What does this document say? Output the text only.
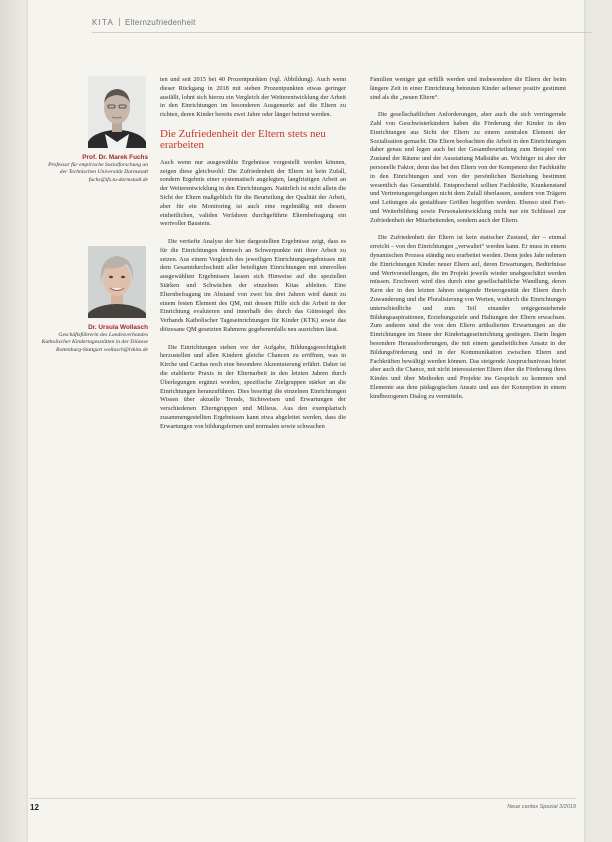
KITA Elternzufriedenheit

Prof. Dr. Marek Fuchs

Professor für empirische Sozialforschung an der Technischen Universität Darmstadt fuchs@ifs.tu-darmstadt.de

Dr. Ursula Wollasch

Geschäftsführerin des Landesverbandes Katholischer Kindertagesstätten in der Diözese Rottenburg-Stuttgart wollasch@lvkita.de

ten und seit 2015 bei 40 Prozentpunkten (vgl. Abbildung). Auch wenn dieser Rückgang in 2018 mit sieben Prozentpunkten etwas geringer ausfällt, lohnt sich hierzu ein Vergleich der Weiterentwicklung der Arbeit in den Einrichtungen im besonderen Ausgemerkt auf die Eltern zu richten, deren Kinder bereits zwei Jahre oder länger betreut werden.

Die Zufriedenheit der Eltern stets neu erarbeiten

Auch wenn nur ausgewählte Ergebnisse vorgestellt werden können, zeigen diese gleichwohl: Die Zufriedenheit der Eltern ist kein Zufall, sondern Ergebnis einer systematisch angelegten, langfristigen Arbeit an der Weiterentwicklung in den Einrichtungen. Natürlich ist nicht allein die Sicht der Eltern maßgeblich für die Beurteilung der Qualität der Arbeit, aber für ein Monitoring ist auch eine regelmäßig mit diesem einheitlichen, validen Verfahren durchgeführte Elternbefragung ein wertvoller Baustein.

Die vertiefte Analyse der hier dargestellten Ergebnisse zeigt, dass es für die Einrichtungen dennoch an Schwerpunkte mit ihrer Arbeit zu setzen. Aus einem Vergleich des jeweiligen Einrichtungsergebnisses mit dem Gesamtdurchschnitt aller beteiligten Einrichtungen mit sinnvollen ausgewählten Ergebnissen lassen sich Hinweise auf die speziellen Stärken und Schwächen der einzelnen Kitas ableiten. Eine Elternbefragung im Abstand von zwei bis drei Jahren wird damit zu einem festen Element des QM, mit dessen Hilfe sich die Arbeit in der Einrichtung evaluieren und innerhalb des durch das Gütesiegel des Verbands Katholischer Tageseinrichtungen für Kinder (KTK) sowie das diözesane QM gesetzten Rahmens gegebenenfalls neu ausrichten lässt.

Die Einrichtungen stehen vor der Aufgabe, Bildungsgerechtigkeit herzustellen und allen Kindern gleiche Chancen zu eröffnen, was in Kirche und Caritas noch eine besondere Akzentuierung erfährt. Daher ist die etablierte Praxis in der Elternarbeit in den letzten Jahren durch Überlegungen ergänzt worden, spezifische Zielgruppen stärker an die Einrichtungen heranzuführen. Dies beseitigt die einzelnen Einrichtungen Wissen über aktuelle Trends, Sichtweisen und Erwartungen der verschiedenen Elterngruppen und Milieus. Aus den exemplarisch zusammengestellten Ergebnissen kann etwa abgeleitet werden, dass die Erwartungen von bildungsfernen und normalen sowie schwachen

Familien weniger gut erfüllt werden und insbesondere die Eltern der beim längere Zeit in einer Einrichtung betreuten Kinder seltener positiv gestimmt sind als die „neuen Eltern“.

Die gesellschaftlichen Anforderungen, aber auch die sich verringernde Zahl von Geschwisterkindern haben die Förderung der Kinder in den Einrichtungen aus Sicht der Eltern zu einem zentralen Element der Sozialisation gemacht. Die Eltern beobachten die Arbeit in den Einrichtungen daher genau und legen auch bei der Gesamtbeurteilung zum Beispiel von Zustand der Räume und der Ausstattung Maßstäbe an. Wichtiger ist aber der personelle Faktor, denn das bei den Eltern von der Kompetenz der Fachkräfte in den Einrichtungen und von der persönlichen Beziehung bestimmt wesentlich das Gesamtbild. Entsprechend sollten Fachkräfte, Krankenstand und Vertretungsregelungen nicht dem Zufall überlassen, sondern von Trägern und Leitungen als gestaltbare Größen begriffen werden. Ebenso sind Fort- und Weiterbildung sowie Personalentwicklung nicht nur ein Schlüssel zur Zufriedenheit der Mitarbeitenden, sondern auch der Eltern.

Die Zufriedenheit der Eltern ist kein statischer Zustand, der – einmal erreicht – von den Einrichtungen „verwaltet“ werden kann. Er muss in einem dynamischen Prozess ständig neu erarbeitet werden. Denn jedes Jahr nehmen die Einrichtungen Kinder neuer Eltern auf, deren Erwartungen, Bedürfnisse und Wertvorstellungen, die im Projekt jeweils wieder unabgeschätzt werden müssen. Erschwert wird dies durch eine gesellschaftliche Wandlung, deren Kern der in den letzten Jahren steigende Heterogenität der Eltern durch Zuwanderung und die Pluralisierung von Werten, wodurch die Einrichtungen unterschiedliche und zum Teil einander entgegenstehende Bildungsaspirationen, Erziehungsziele und Haltungen der Eltern erwachsen. Zum anderen sind die von den Eltern artikulierten Erwartungen an die Einrichtungen im Sinne der Kindertageseinrichtung gestiegen. Darin liegen besondere Herausforderungen, die mit einem ganzheitlichen Ansatz in der Bildungsförderung und in der Kommunikation zwischen Eltern und Fachkräften bewältigt werden können. Das steigende Anspruchsniveau bietet aber auch die Chance, mit nicht interessierten Eltern über die Förderung ihres Kindes und über Methoden und Projekte ins Gespräch zu kommen und Elemente aus dem pädagogischen Ansatz und aus der Konzeption in einem kindbezogenen Dialog zu vermitteln.

12	Neue caritas Spezial 3/2019
